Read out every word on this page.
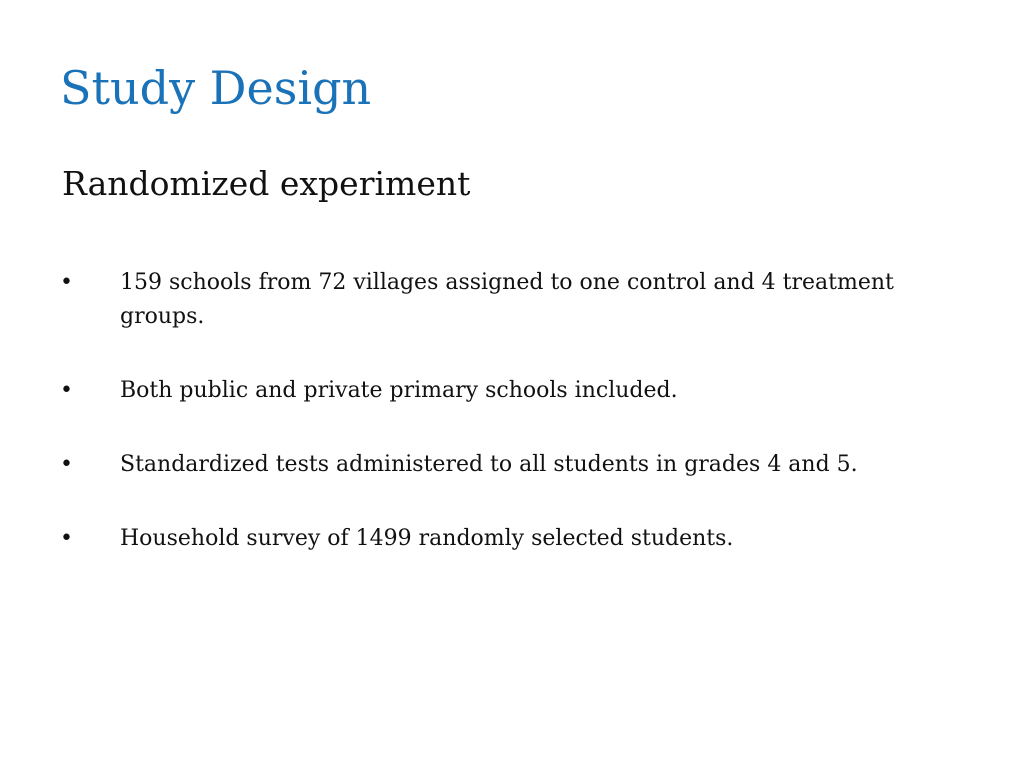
Study Design
Randomized experiment
•	159 schools from 72 villages assigned to one control and 4 treatment groups.
•	Both public and private primary schools included.
•	Standardized tests administered to all students in grades 4 and 5.
•	Household survey of 1499 randomly selected students.
